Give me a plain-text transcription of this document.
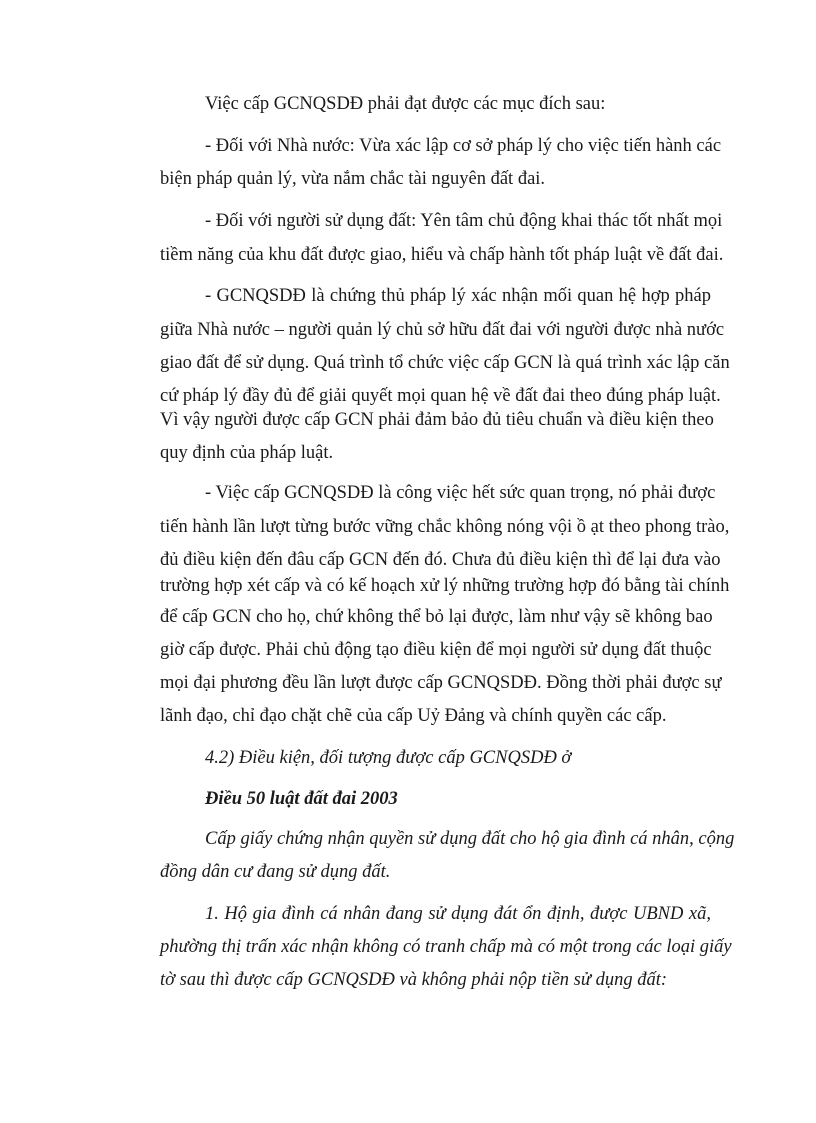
Việc cấp GCNQSDĐ phải đạt được các mục đích sau:
- Đối với Nhà nước: Vừa xác lập cơ sở pháp lý cho việc tiến hành các
biện pháp quản lý, vừa nắm chắc tài nguyên đất đai.
- Đối với người sử dụng đất: Yên tâm chủ động khai thác tốt nhất mọi
tiềm năng của khu đất được giao, hiểu và chấp hành tốt pháp luật về đất đai.
- GCNQSDĐ là chứng thủ pháp lý xác nhận mối quan hệ hợp pháp
giữa Nhà nước – người quản lý chủ sở hữu đất đai với người được nhà nước
giao đất để sử dụng. Quá trình tổ chức việc cấp GCN là quá trình xác lập căn
cứ pháp lý đầy đủ để giải quyết mọi quan hệ về đất đai theo đúng pháp luật.
Vì vậy người được cấp GCN phải đảm bảo đủ tiêu chuẩn và điều kiện theo
quy định của pháp luật.
- Việc cấp GCNQSDĐ là công việc hết sức quan trọng, nó phải được
tiến hành lần lượt từng bước vững chắc không nóng vội ồ ạt theo phong trào,
đủ điều kiện đến đâu cấp GCN đến đó. Chưa đủ điều kiện thì để lại đưa vào
trường hợp xét cấp và có kế hoạch xử lý những trường hợp đó bằng tài chính
để cấp GCN cho họ, chứ không thể bỏ lại được, làm như vậy sẽ không bao
giờ cấp được. Phải chủ động tạo điều kiện để mọi người sử dụng đất thuộc
mọi đại phương đều lần lượt được cấp GCNQSDĐ. Đồng thời phải được sự
lãnh đạo, chỉ đạo chặt chẽ của cấp Uỷ Đảng và chính quyền các cấp.
4.2) Điều kiện, đối tượng được cấp GCNQSDĐ ở
Điều 50 luật đất đai 2003
Cấp giấy chứng nhận quyền sử dụng đất cho hộ gia đình cá nhân, cộng
đồng dân cư đang sử dụng đất.
1. Hộ gia đình cá nhân đang sử dụng đát ổn định, được UBND xã,
phường thị trấn xác nhận không có tranh chấp mà có một trong các loại giấy
tờ sau thì được cấp GCNQSDĐ và không phải nộp tiền sử dụng đất:
